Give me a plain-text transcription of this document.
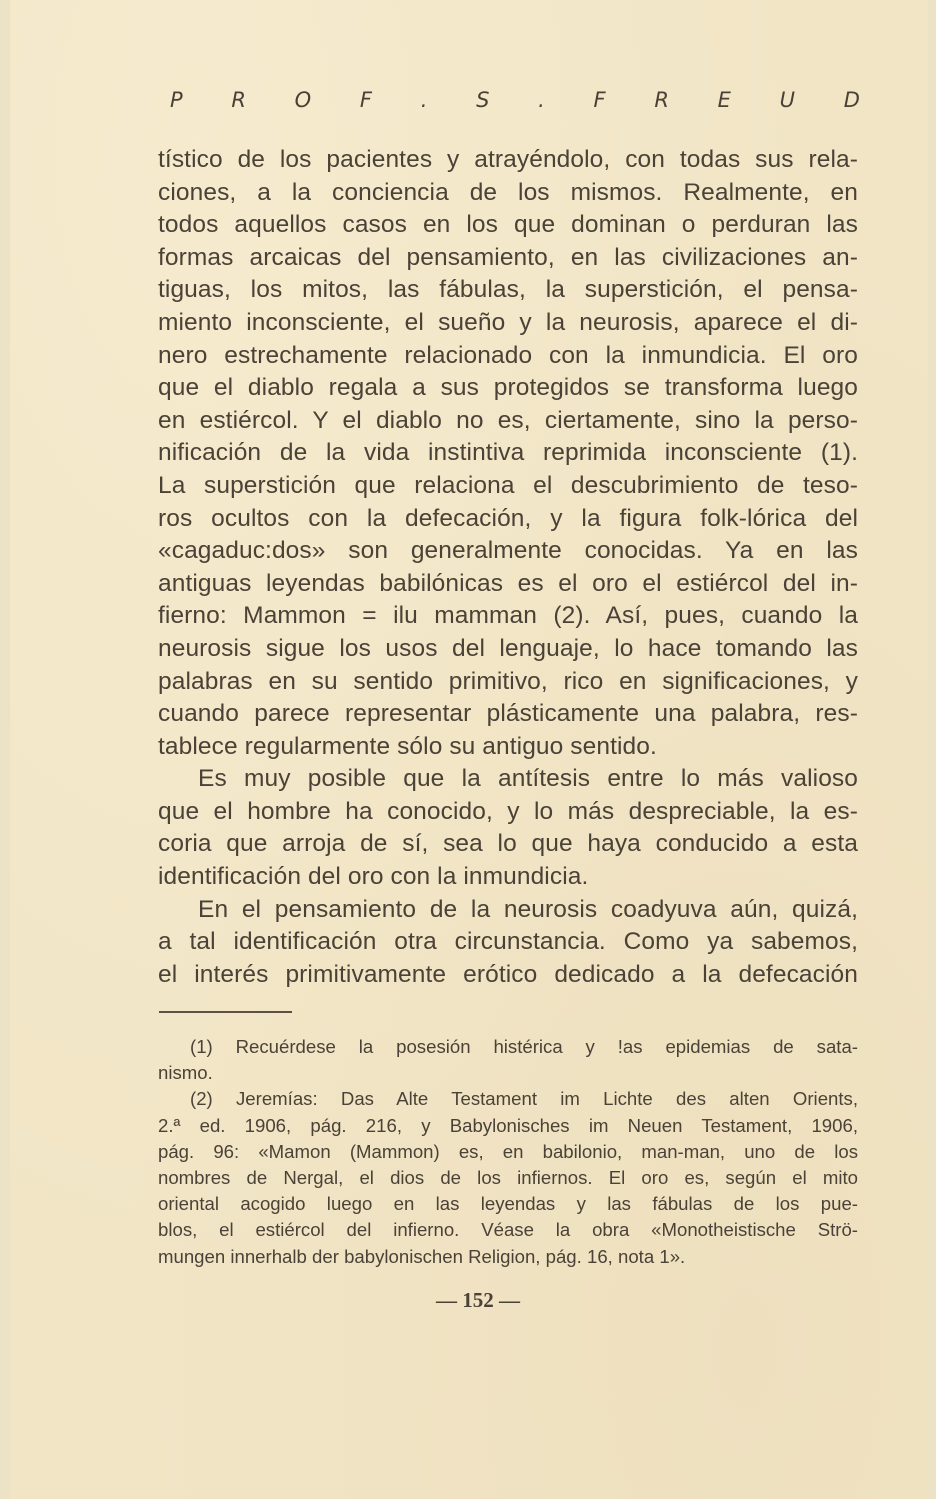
P R O F . S . F R E U D
tístico de los pacientes y atrayéndolo, con todas sus rela-
ciones, a la conciencia de los mismos. Realmente, en
todos aquellos casos en los que dominan o perduran las
formas arcaicas del pensamiento, en las civilizaciones an-
tiguas, los mitos, las fábulas, la superstición, el pensa-
miento inconsciente, el sueño y la neurosis, aparece el di-
nero estrechamente relacionado con la inmundicia. El oro
que el diablo regala a sus protegidos se transforma luego
en estiércol. Y el diablo no es, ciertamente, sino la perso-
nificación de la vida instintiva reprimida inconsciente (1).
La superstición que relaciona el descubrimiento de teso-
ros ocultos con la defecación, y la figura folk-lórica del
«cagaduc:dos» son generalmente conocidas. Ya en las
antiguas leyendas babilónicas es el oro el estiércol del in-
fierno: Mammon = ilu mamman (2). Así, pues, cuando la
neurosis sigue los usos del lenguaje, lo hace tomando las
palabras en su sentido primitivo, rico en significaciones, y
cuando parece representar plásticamente una palabra, res-
tablece regularmente sólo su antiguo sentido.
Es muy posible que la antítesis entre lo más valioso
que el hombre ha conocido, y lo más despreciable, la es-
coria que arroja de sí, sea lo que haya conducido a esta
identificación del oro con la inmundicia.
En el pensamiento de la neurosis coadyuva aún, quizá,
a tal identificación otra circunstancia. Como ya sabemos,
el interés primitivamente erótico dedicado a la defecación
(1) Recuérdese la posesión histérica y !as epidemias de sata-
nismo.
(2) Jeremías: Das Alte Testament im Lichte des alten Orients,
2.ª ed. 1906, pág. 216, y Babylonisches im Neuen Testament, 1906,
pág. 96: «Mamon (Mammon) es, en babilonio, man-man, uno de los
nombres de Nergal, el dios de los infiernos. El oro es, según el mito
oriental acogido luego en las leyendas y las fábulas de los pue-
blos, el estiércol del infierno. Véase la obra «Monotheistische Strö-
mungen innerhalb der babylonischen Religion, pág. 16, nota 1».
— 152 —
